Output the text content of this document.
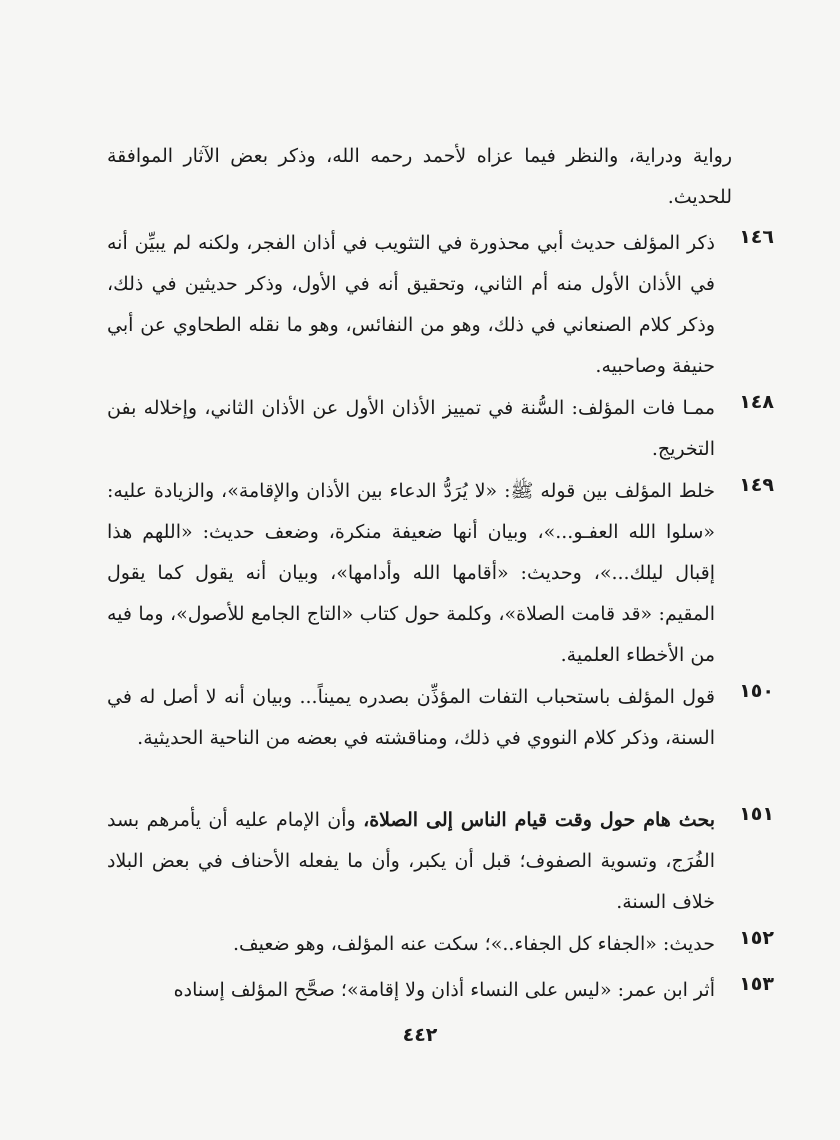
رواية ودراية، والنظر فيما عزاه لأحمد رحمه الله، وذكر بعض الآثار الموافقة للحديث.
١٤٦
ذكر المؤلف حديث أبي محذورة في التثويب في أذان الفجر، ولكنه لم يبيِّن أنه في الأذان الأول منه أم الثاني، وتحقيق أنه في الأول، وذكر حديثين في ذلك، وذكر كلام الصنعاني في ذلك، وهو من النفائس، وهو ما نقله الطحاوي عن أبي حنيفة وصاحبيه.
١٤٨
ممـا فات المؤلف: السُّنة في تمييز الأذان الأول عن الأذان الثاني، وإخلاله بفن التخريج.
١٤٩
خلط المؤلف بين قوله ﷺ: «لا يُرَدُّ الدعاء بين الأذان والإقامة»، والزيادة عليه: «سلوا الله العفـو...»، وبيان أنها ضعيفة منكرة، وضعف حديث: «اللهم هذا إقبال ليلك...»، وحديث: «أقامها الله وأدامها»، وبيان أنه يقول كما يقول المقيم: «قد قامت الصلاة»، وكلمة حول كتاب «التاج الجامع للأصول»، وما فيه من الأخطاء العلمية.
١٥٠
قول المؤلف باستحباب التفات المؤذِّن بصدره يميناً... وبيان أنه لا أصل له في السنة، وذكر كلام النووي في ذلك، ومناقشته في بعضه من الناحية الحديثية.
١٥١
بحث هام حول وقت قيام الناس إلى الصلاة، وأن الإمام عليه أن يأمرهم بسد الفُرَج، وتسوية الصفوف؛ قبل أن يكبر، وأن ما يفعله الأحناف في بعض البلاد خلاف السنة.
١٥٢
حديث: «الجفاء كل الجفاء..»؛ سكت عنه المؤلف، وهو ضعيف.
١٥٣
أثر ابن عمر: «ليس على النساء أذان ولا إقامة»؛ صحَّح المؤلف إسناده
٤٤٢
